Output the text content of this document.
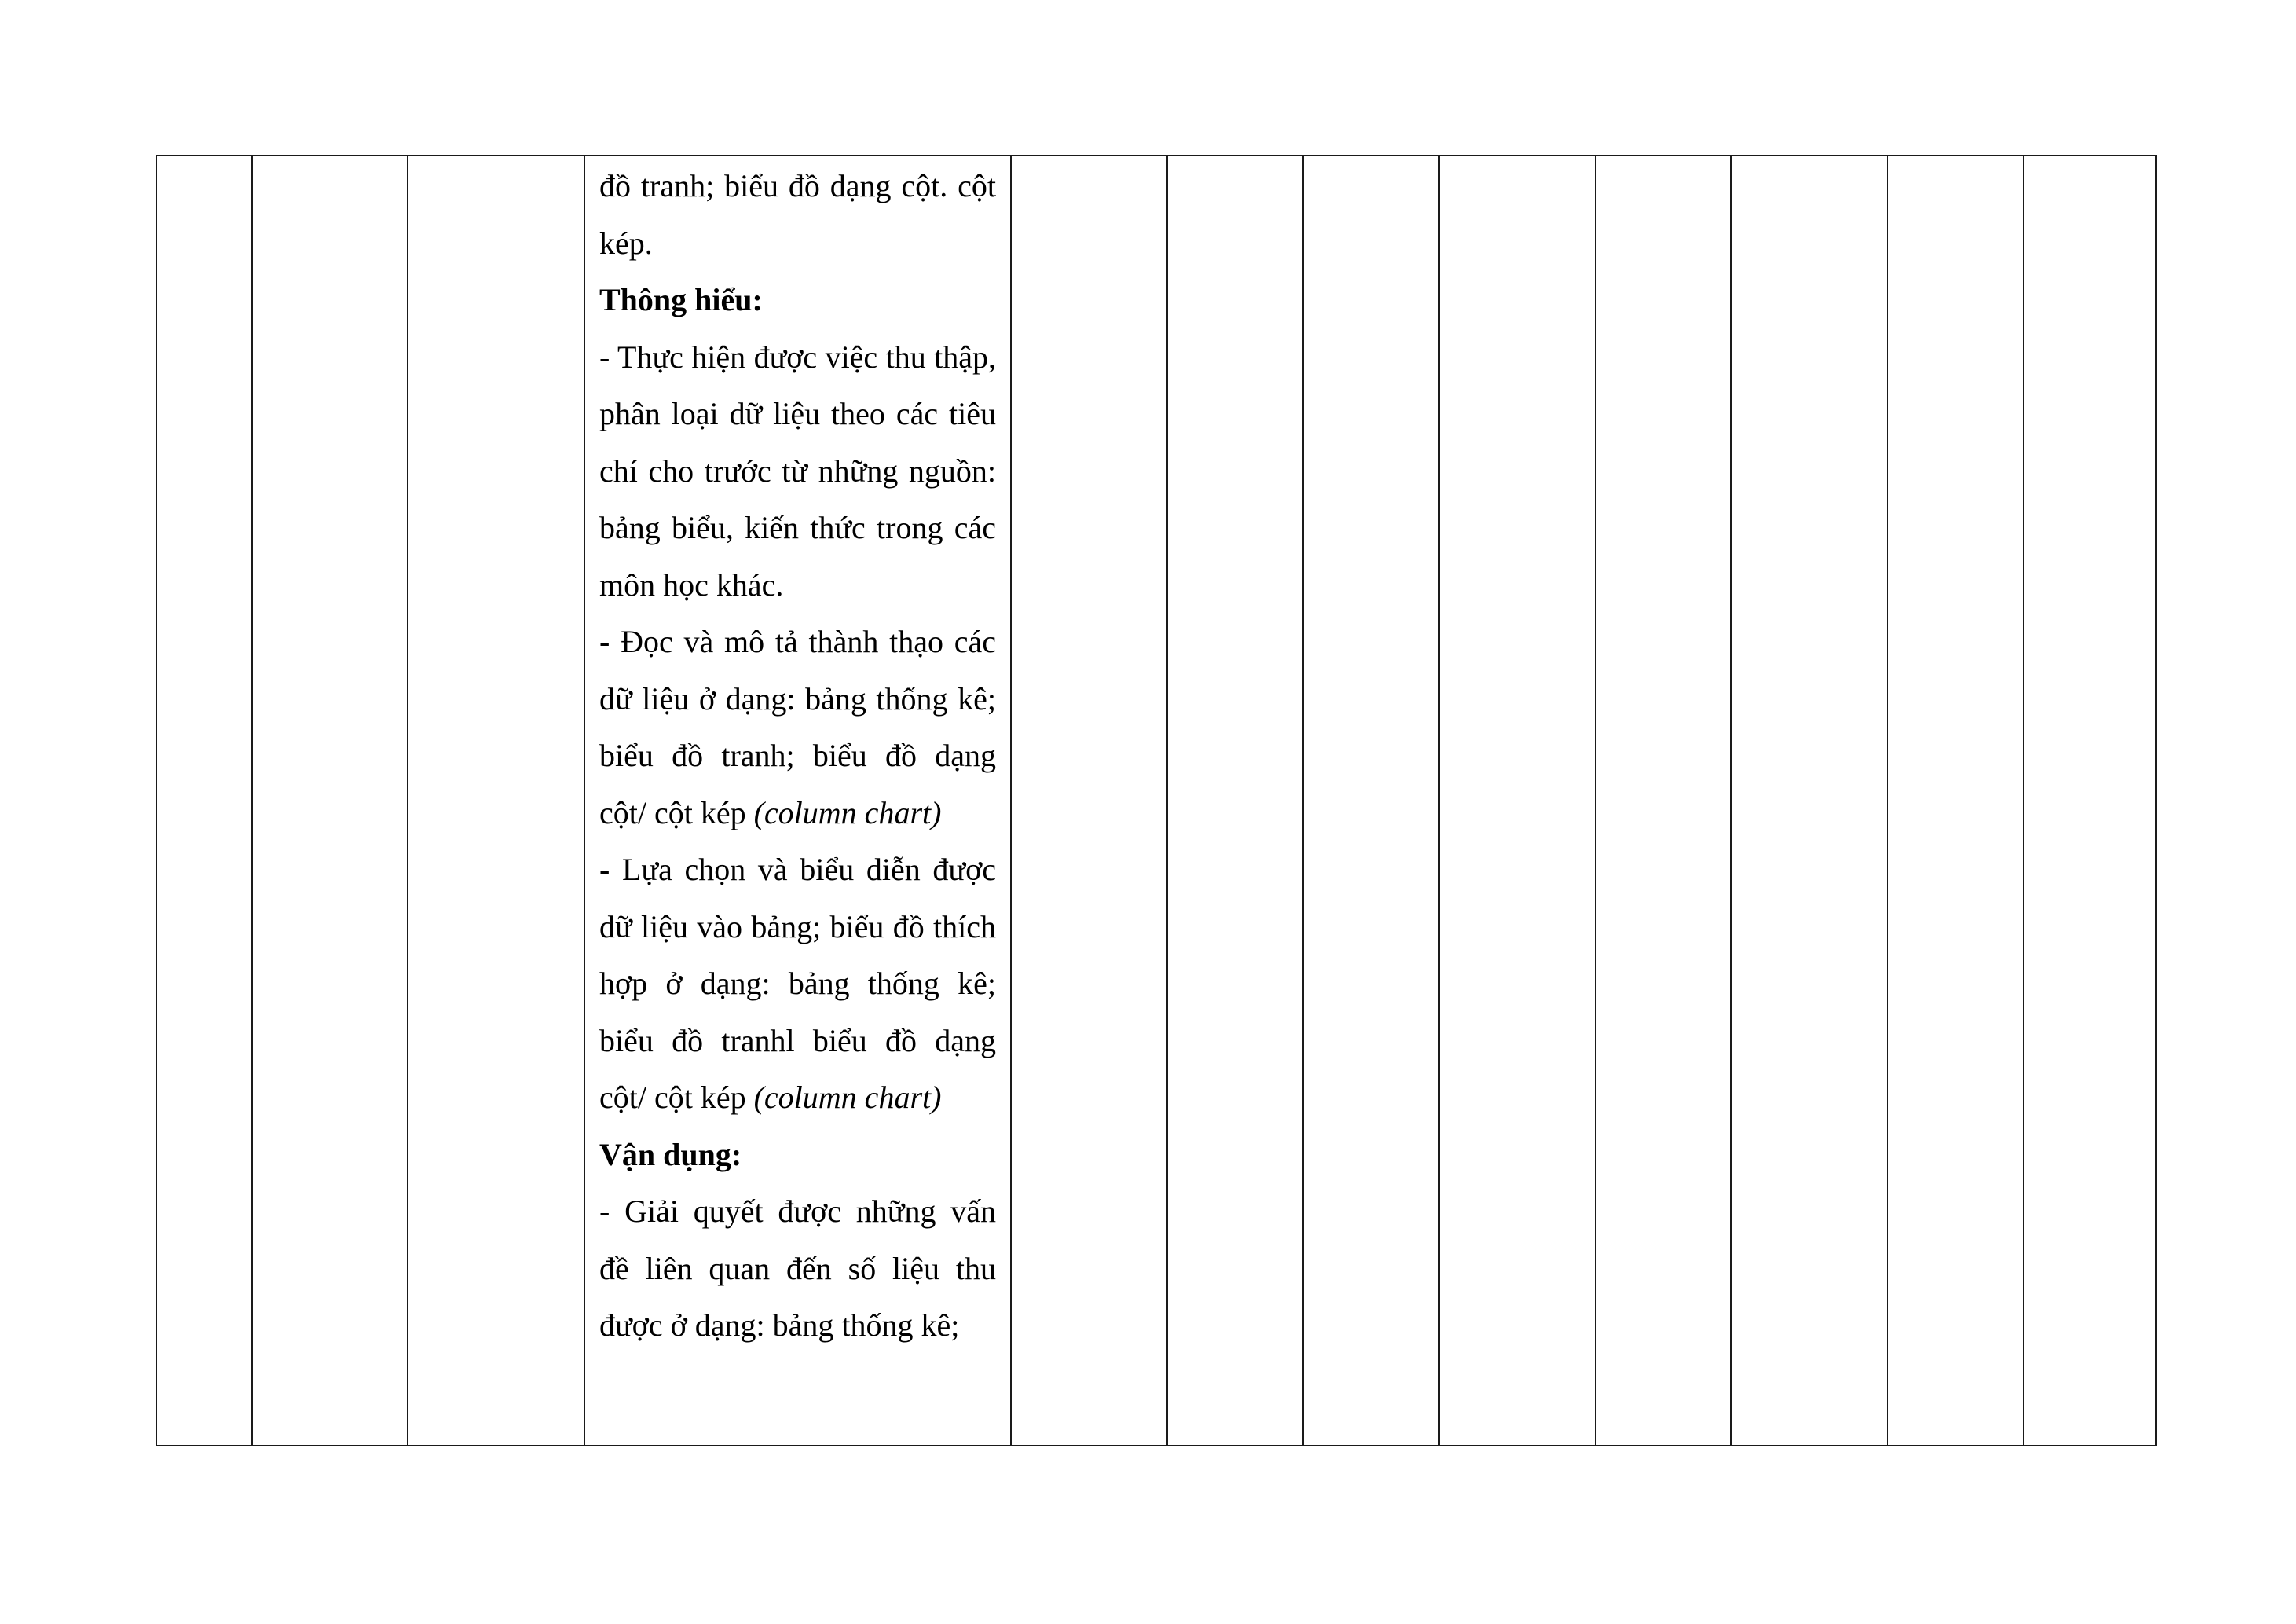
đồ tranh; biểu đồ dạng cột. cột kép.

Thông hiểu:

- Thực hiện được việc thu thập, phân loại dữ liệu theo các tiêu chí cho trước từ những nguồn: bảng biểu, kiến thức trong các môn học khác.

- Đọc và mô tả thành thạo các dữ liệu ở dạng: bảng thống kê; biểu đồ tranh; biểu đồ dạng cột/ cột kép (column chart)

- Lựa chọn và biểu diễn được dữ liệu vào bảng; biểu đồ thích hợp ở dạng: bảng thống kê; biểu đồ tranhl biểu đồ dạng cột/ cột kép (column chart)

Vận dụng:

- Giải quyết được những vấn đề liên quan đến số liệu thu được ở dạng: bảng thống kê;
